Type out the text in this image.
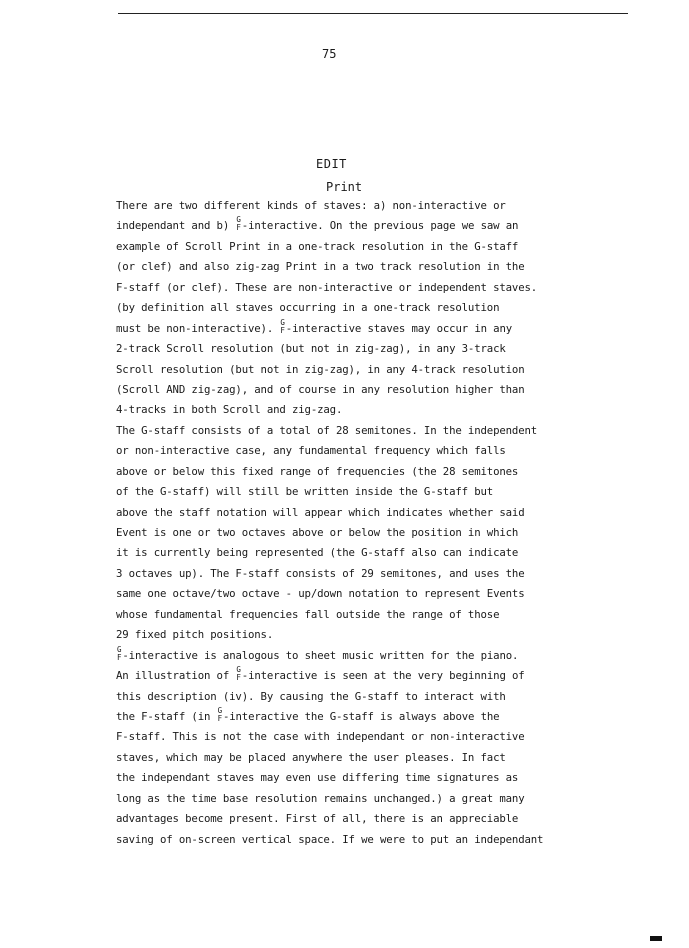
75
EDIT
Print
There are two different kinds of staves: a) non-interactive or
independant and b) G
F -interactive. On the previous page we saw an
example of Scroll Print in a one-track resolution in the G-staff
(or clef) and also zig-zag Print in a two track resolution in the
F-staff (or clef). These are non-interactive or independent staves.
(by definition all staves occurring in a one-track resolution
must be non-interactive). G
F -interactive staves may occur in any
2-track Scroll resolution (but not in zig-zag), in any 3-track
Scroll resolution (but not in zig-zag), in any 4-track resolution
(Scroll AND zig-zag), and of course in any resolution higher than
4-tracks in both Scroll and zig-zag.
The G-staff consists of a total of 28 semitones. In the independent
or non-interactive case, any fundamental frequency which falls
above or below this fixed range of frequencies (the 28 semitones
of the G-staff) will still be written inside the G-staff but
above the staff notation will appear which indicates whether said
Event is one or two octaves above or below the position in which
it is currently being represented (the G-staff also can indicate
3 octaves up). The F-staff consists of 29 semitones, and uses the
same one octave/two octave - up/down notation to represent Events
whose fundamental frequencies fall outside the range of those
29 fixed pitch positions.
G
F -interactive is analogous to sheet music written for the piano.
An illustration of G
F -interactive is seen at the very beginning of
this description (iv). By causing the G-staff to interact with
the F-staff (in G
F -interactive the G-staff is always above the
F-staff. This is not the case with independant or non-interactive
staves, which may be placed anywhere the user pleases. In fact
the independant staves may even use differing time signatures as
long as the time base resolution remains unchanged.) a great many
advantages become present. First of all, there is an appreciable
saving of on-screen vertical space. If we were to put an independant
